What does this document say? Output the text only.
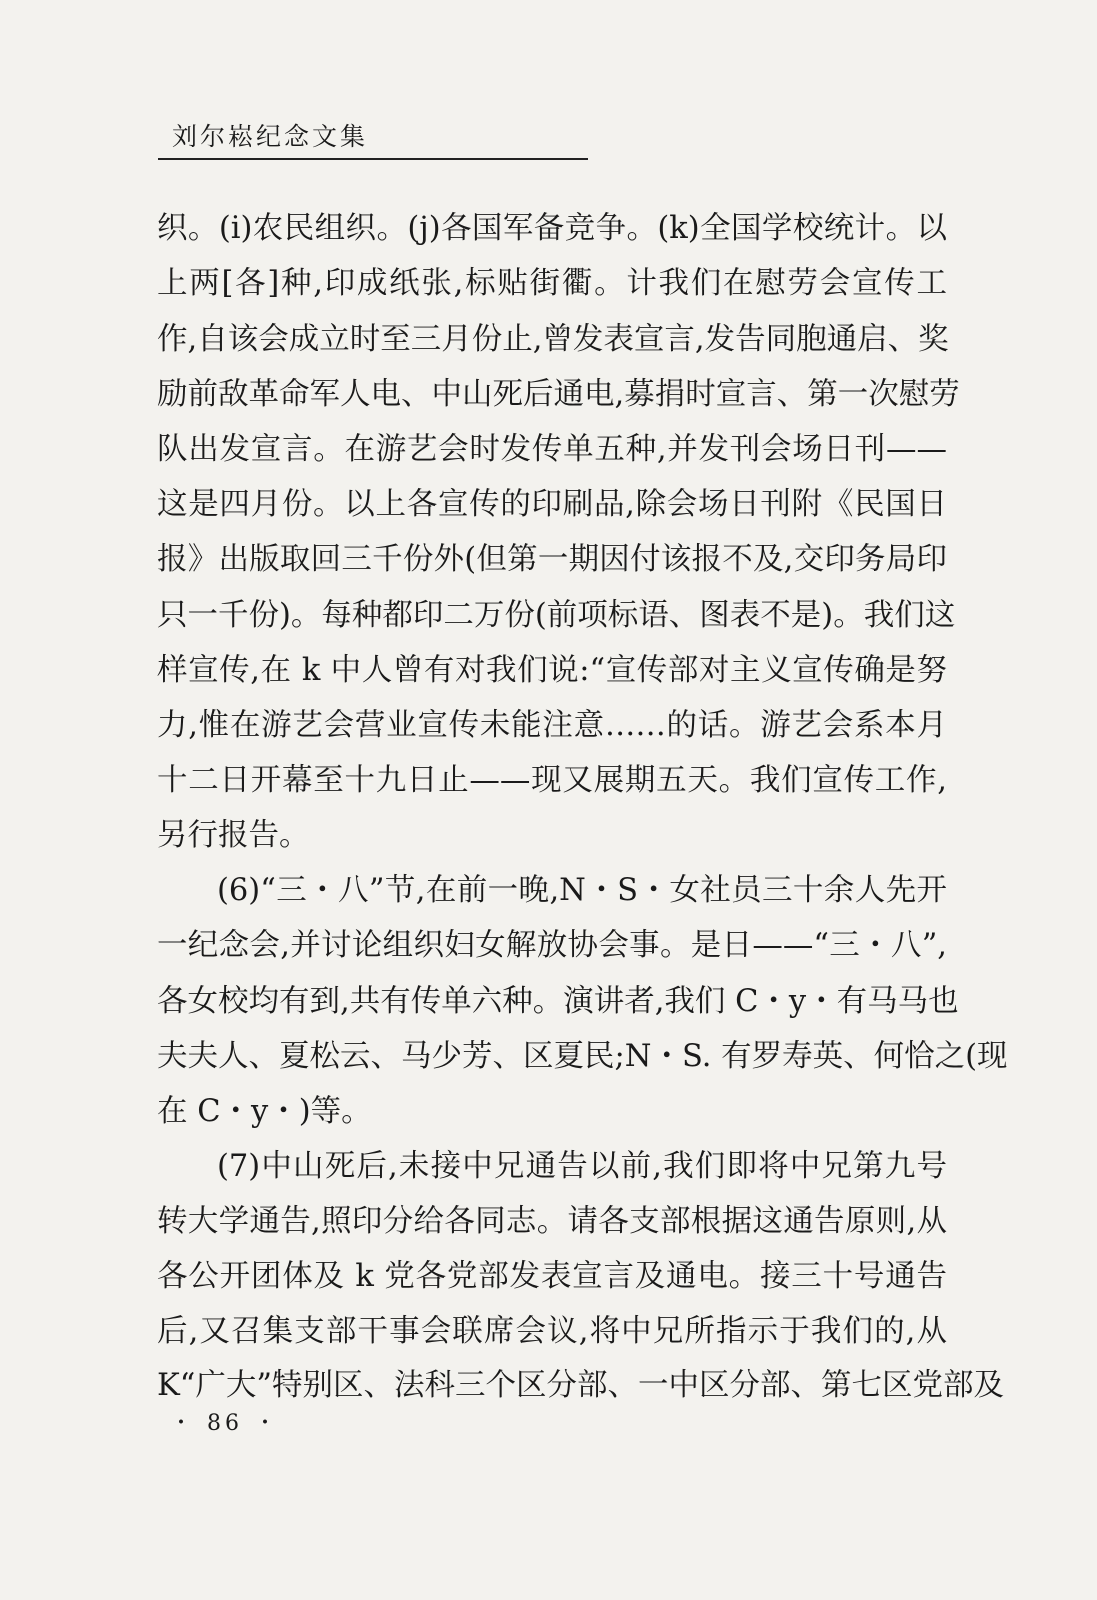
刘尔崧纪念文集
织。(i)农民组织。(j)各国军备竞争。(k)全国学校统计。以
上两[各]种,印成纸张,标贴街衢。计我们在慰劳会宣传工
作,自该会成立时至三月份止,曾发表宣言,发告同胞通启、奖
励前敌革命军人电、中山死后通电,募捐时宣言、第一次慰劳
队出发宣言。在游艺会时发传单五种,并发刊会场日刊——
这是四月份。以上各宣传的印刷品,除会场日刊附《民国日
报》出版取回三千份外(但第一期因付该报不及,交印务局印
只一千份)。每种都印二万份(前项标语、图表不是)。我们这
样宣传,在 k 中人曾有对我们说:“宣传部对主义宣传确是努
力,惟在游艺会营业宣传未能注意……的话。游艺会系本月
十二日开幕至十九日止——现又展期五天。我们宣传工作,
另行报告。
(6)“三・八”节,在前一晚,N・S・女社员三十余人先开
一纪念会,并讨论组织妇女解放协会事。是日——“三・八”,
各女校均有到,共有传单六种。演讲者,我们 C・y・有马马也
夫夫人、夏松云、马少芳、区夏民;N・S. 有罗寿英、何恰之(现
在 C・y・)等。
(7)中山死后,未接中兄通告以前,我们即将中兄第九号
转大学通告,照印分给各同志。请各支部根据这通告原则,从
各公开团体及 k 党各党部发表宣言及通电。接三十号通告
后,又召集支部干事会联席会议,将中兄所指示于我们的,从
K“广大”特别区、法科三个区分部、一中区分部、第七区党部及
・ 86 ・
